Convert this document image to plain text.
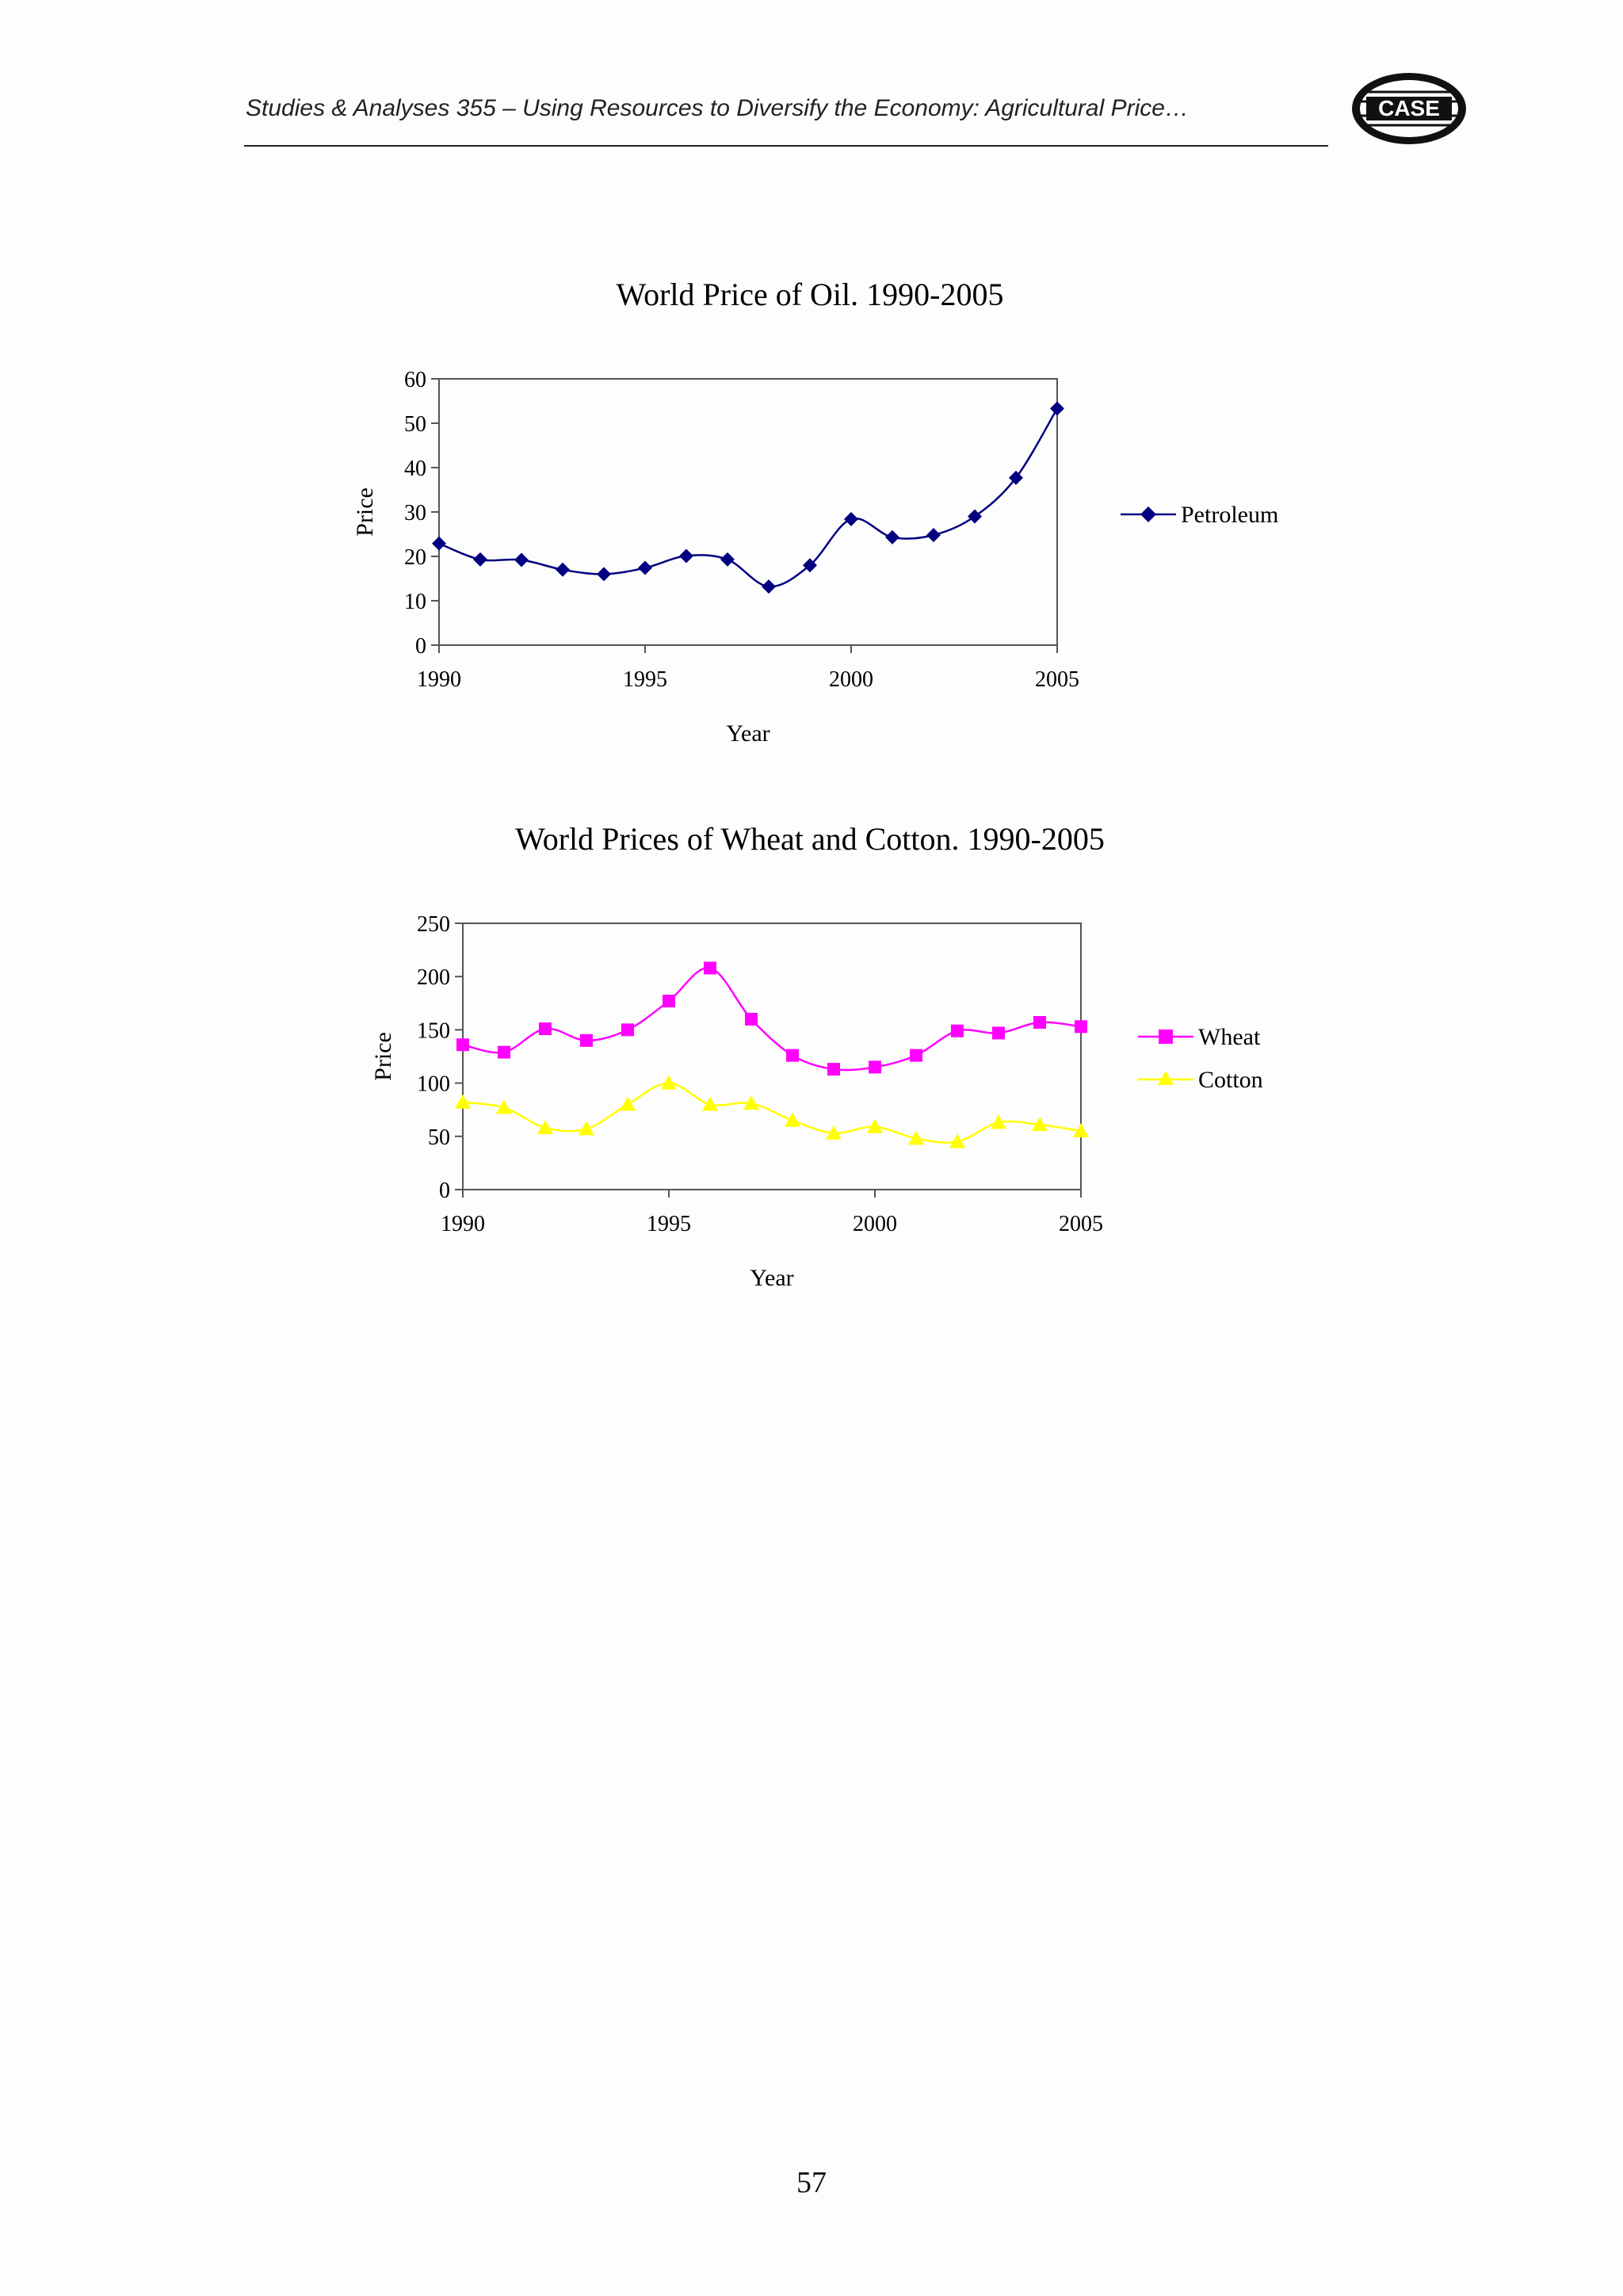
Studies & Analyses 355 – Using Resources to Diversify the Economy: Agricultural Price…	CASE
World Price of Oil. 1990-2005
0
10
20
30
40
50
60
1990	1995	2000	2005
Price
Year
Petroleum
World Prices of Wheat and Cotton. 1990-2005
0
50
100
150
200
250
1990	1995	2000	2005
Price
Year
Wheat
Cotton
57
